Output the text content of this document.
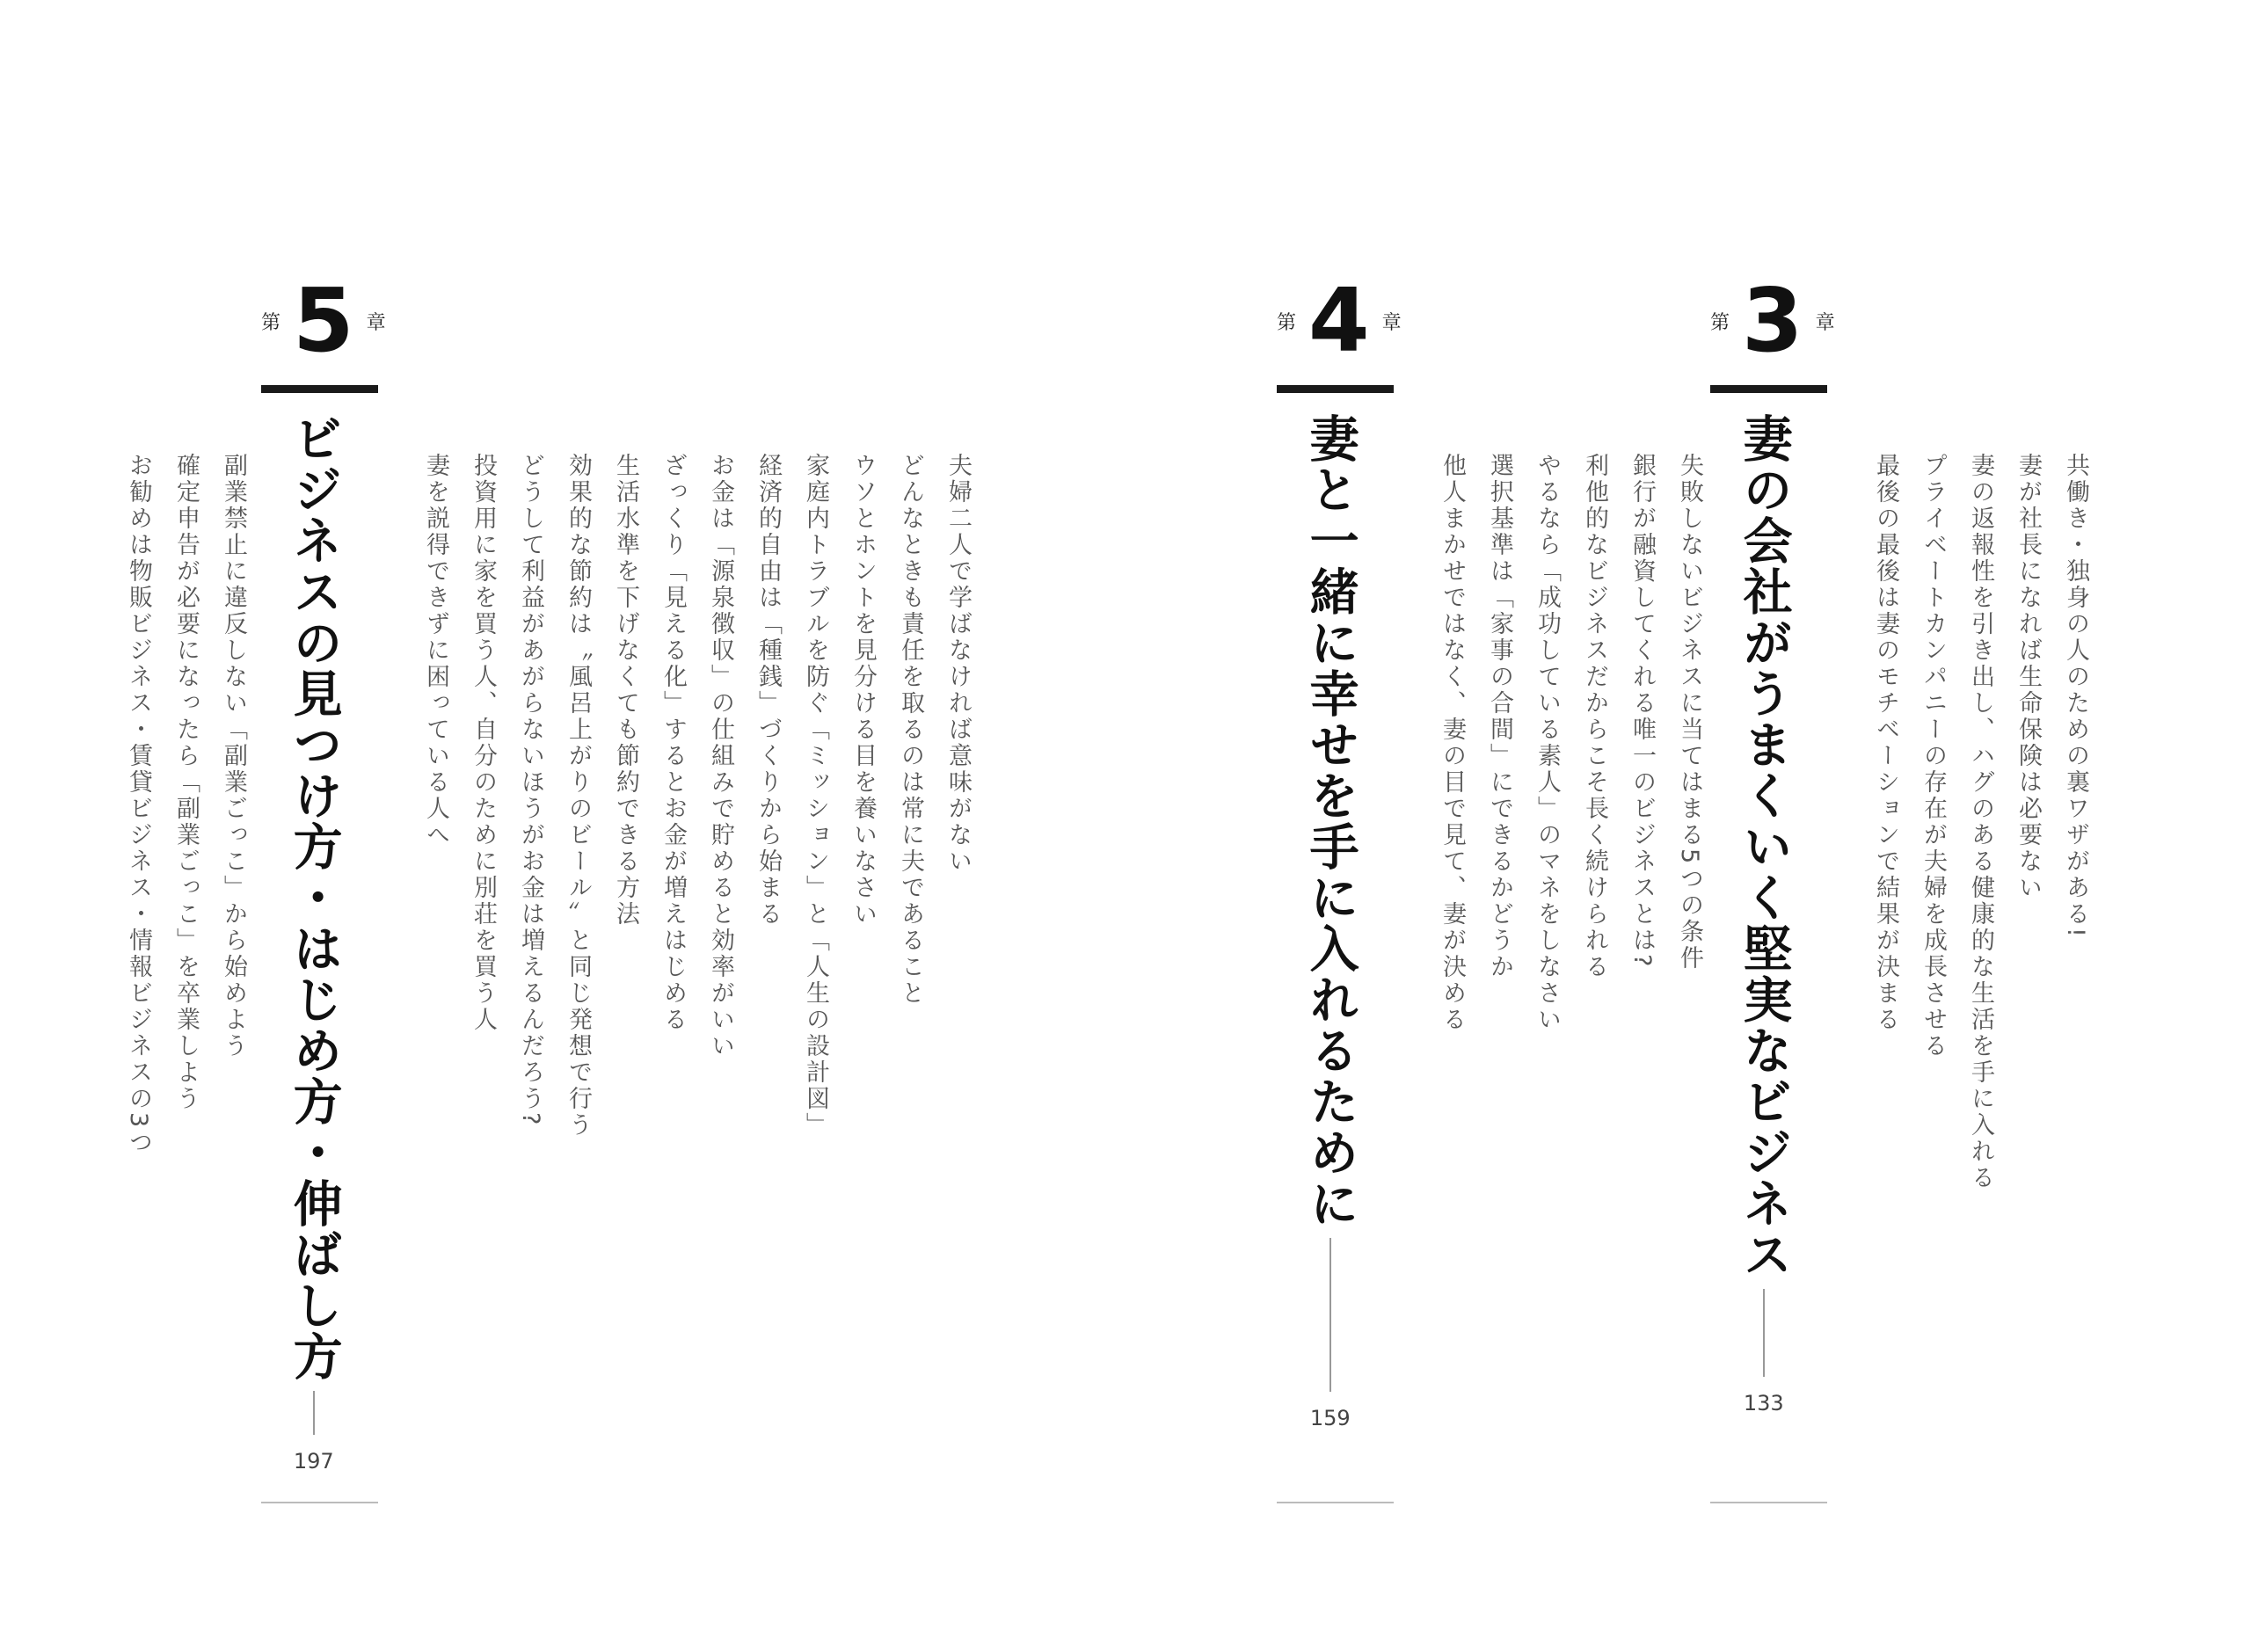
第 5 章
ビジネスの見つけ方・はじめ方・伸ばし方
197
夫婦二人で学ばなければ意味がない
どんなときも責任を取るのは常に夫であること
ウソとホントを見分ける目を養いなさい
家庭内トラブルを防ぐ「ミッション」と「人生の設計図」
経済的自由は「種銭」づくりから始まる
お金は「源泉徴収」の仕組みで貯めると効率がいい
ざっくり「見える化」するとお金が増えはじめる
生活水準を下げなくても節約できる方法
効果的な節約は〝風呂上がりのビール〟と同じ発想で行う
どうして利益があがらないほうがお金は増えるんだろう?
投資用に家を買う人、自分のために別荘を買う人
妻を説得できずに困っている人へ
副業禁止に違反しない「副業ごっこ」から始めよう
確定申告が必要になったら「副業ごっこ」を卒業しよう
お勧めは物販ビジネス・賃貸ビジネス・情報ビジネスの3つ
第 4 章
妻と一緒に幸せを手に入れるために
159
失敗しないビジネスに当てはまる5つの条件
銀行が融資してくれる唯一のビジネスとは?
利他的なビジネスだからこそ長く続けられる
やるなら「成功している素人」のマネをしなさい
選択基準は「家事の合間」にできるかどうか
他人まかせではなく、妻の目で見て、妻が決める
第 3 章
妻の会社がうまくいく堅実なビジネス
133
共働き・独身の人のための裏ワザがある!
妻が社長になれば生命保険は必要ない
妻の返報性を引き出し、ハグのある健康的な生活を手に入れる
プライベートカンパニーの存在が夫婦を成長させる
最後の最後は妻のモチベーションで結果が決まる
